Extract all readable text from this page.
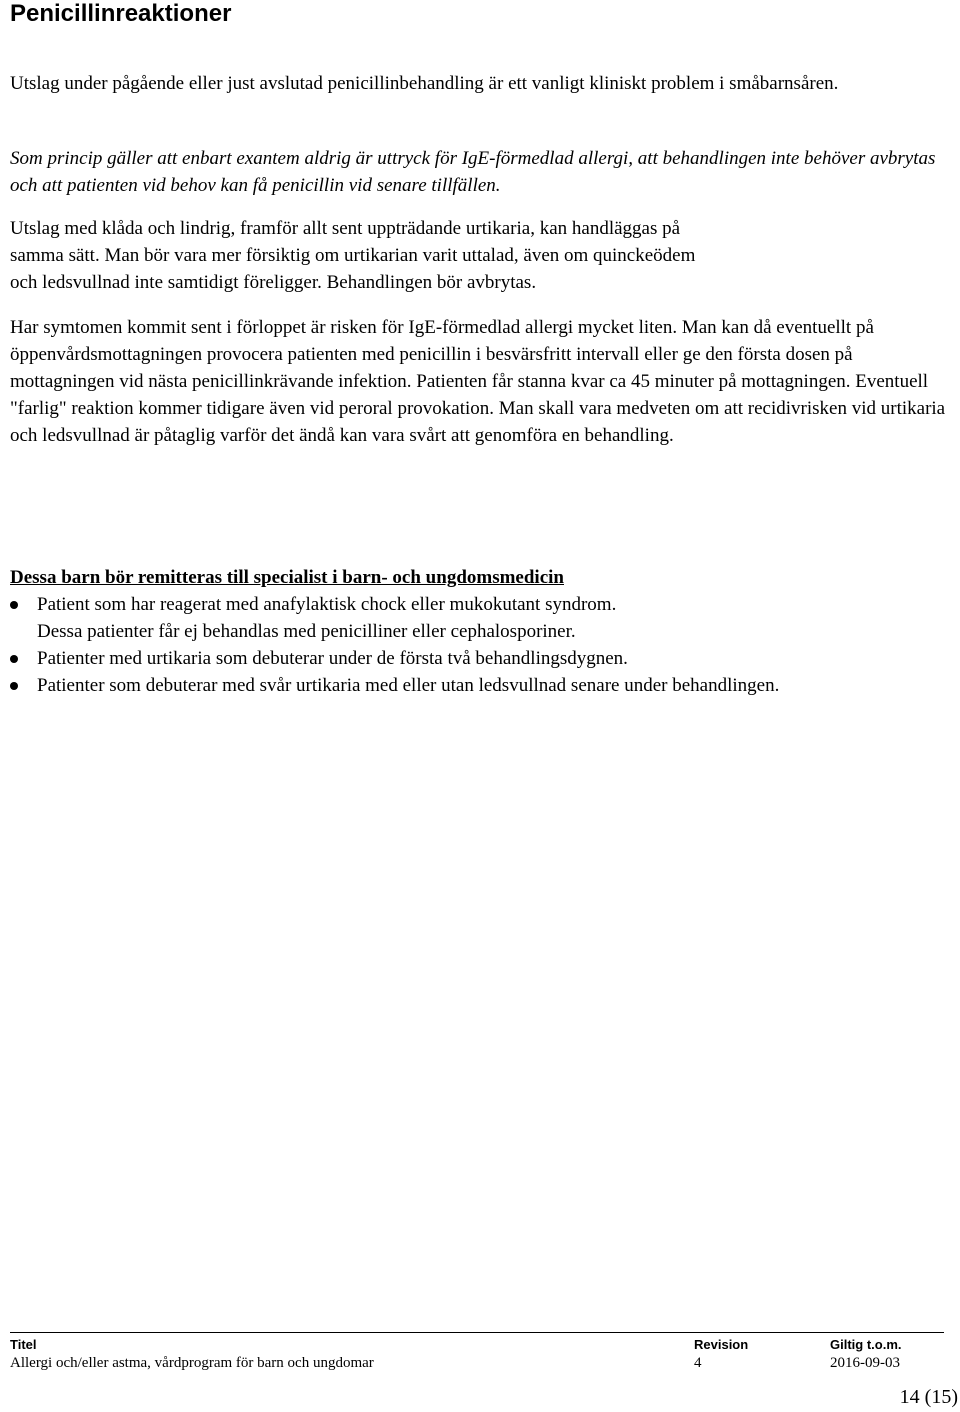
Penicillinreaktioner

Utslag under pågående eller just avslutad penicillinbehandling är ett vanligt kliniskt problem i småbarnsåren.

Som princip gäller att enbart exantem aldrig är uttryck för IgE-förmedlad allergi, att behandlingen inte behöver avbrytas och att patienten vid behov kan få penicillin vid senare tillfällen.

Utslag med klåda och lindrig, framför allt sent uppträdande urtikaria, kan handläggas på samma sätt. Man bör vara mer försiktig om urtikarian varit uttalad, även om quinckeödem och ledsvullnad inte samtidigt föreligger. Behandlingen bör avbrytas.

Har symtomen kommit sent i förloppet är risken för IgE-förmedlad allergi mycket liten. Man kan då eventuellt på öppenvårdsmottagningen provocera patienten med penicillin i besvärsfritt intervall eller ge den första dosen på mottagningen vid nästa penicillinkrävande infektion. Patienten får stanna kvar ca 45 minuter på mottagningen. Eventuell "farlig" reaktion kommer tidigare även vid peroral provokation. Man skall vara medveten om att recidivrisken vid urtikaria och ledsvullnad är påtaglig varför det ändå kan vara svårt att genomföra en behandling.

Dessa barn bör remitteras till specialist i barn- och ungdomsmedicin
Patient som har reagerat med anafylaktisk chock eller mukokutant syndrom. Dessa patienter får ej behandlas med penicilliner eller cephalosporiner.
Patienter med urtikaria som debuterar under de första två behandlingsdygnen.
Patienter som debuterar med svår urtikaria med eller utan ledsvullnad senare under behandlingen.
Titel	Revision	Giltig t.o.m.
Allergi och/eller astma, vårdprogram för barn och ungdomar	4	2016-09-03
14 (15)
